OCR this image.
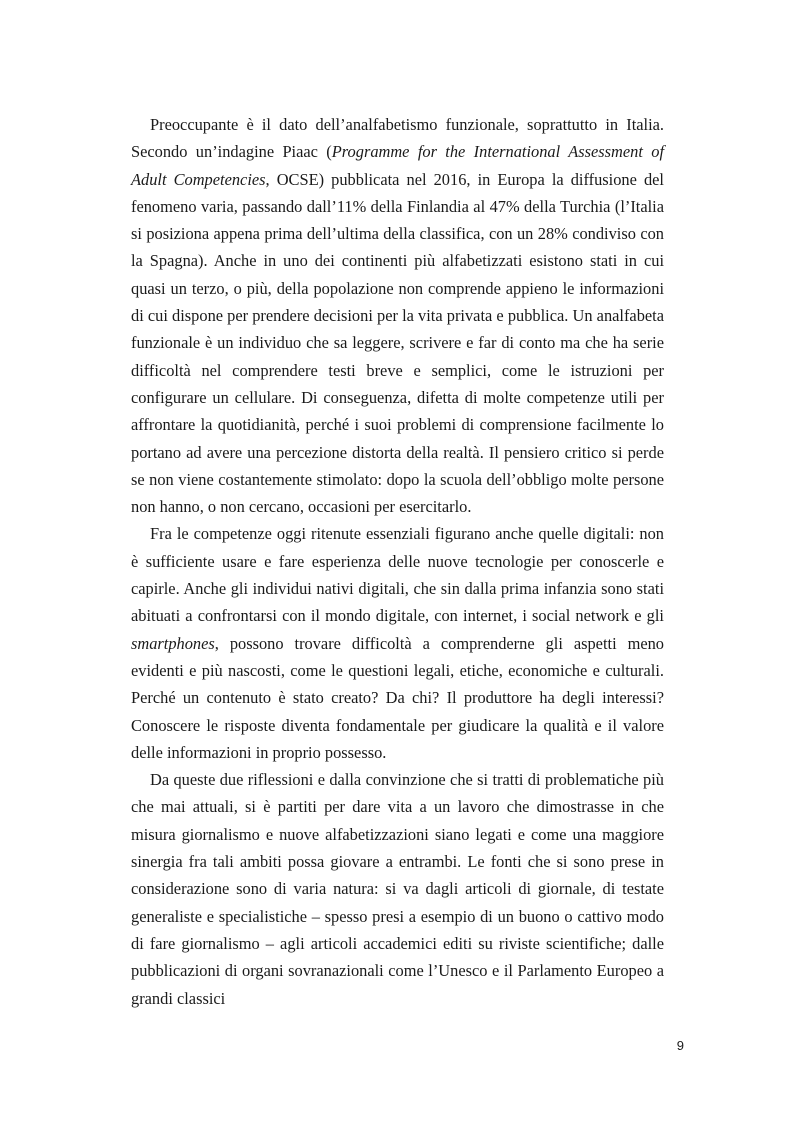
Preoccupante è il dato dell’analfabetismo funzionale, soprattutto in Italia. Secondo un’indagine Piaac (Programme for the International Assessment of Adult Competencies, OCSE) pubblicata nel 2016, in Europa la diffusione del fenomeno varia, passando dall’11% della Finlandia al 47% della Turchia (l’Italia si posiziona appena prima dell’ultima della classifica, con un 28% condiviso con la Spagna). Anche in uno dei continenti più alfabetizzati esistono stati in cui quasi un terzo, o più, della popolazione non comprende appieno le informazioni di cui dispone per prendere decisioni per la vita privata e pubblica. Un analfabeta funzionale è un individuo che sa leggere, scrivere e far di conto ma che ha serie difficoltà nel comprendere testi breve e semplici, come le istruzioni per configurare un cellulare. Di conseguenza, difetta di molte competenze utili per affrontare la quotidianità, perché i suoi problemi di comprensione facilmente lo portano ad avere una percezione distorta della realtà. Il pensiero critico si perde se non viene costantemente stimolato: dopo la scuola dell’obbligo molte persone non hanno, o non cercano, occasioni per esercitarlo.

Fra le competenze oggi ritenute essenziali figurano anche quelle digitali: non è sufficiente usare e fare esperienza delle nuove tecnologie per conoscerle e capirle. Anche gli individui nativi digitali, che sin dalla prima infanzia sono stati abituati a confrontarsi con il mondo digitale, con internet, i social network e gli smartphones, possono trovare difficoltà a comprenderne gli aspetti meno evidenti e più nascosti, come le questioni legali, etiche, economiche e culturali. Perché un contenuto è stato creato? Da chi? Il produttore ha degli interessi? Conoscere le risposte diventa fondamentale per giudicare la qualità e il valore delle informazioni in proprio possesso.

Da queste due riflessioni e dalla convinzione che si tratti di problematiche più che mai attuali, si è partiti per dare vita a un lavoro che dimostrasse in che misura giornalismo e nuove alfabetizzazioni siano legati e come una maggiore sinergia fra tali ambiti possa giovare a entrambi. Le fonti che si sono prese in considerazione sono di varia natura: si va dagli articoli di giornale, di testate generaliste e specialistiche – spesso presi a esempio di un buono o cattivo modo di fare giornalismo – agli articoli accademici editi su riviste scientifiche; dalle pubblicazioni di organi sovranazionali come l’Unesco e il Parlamento Europeo a grandi classici

9
